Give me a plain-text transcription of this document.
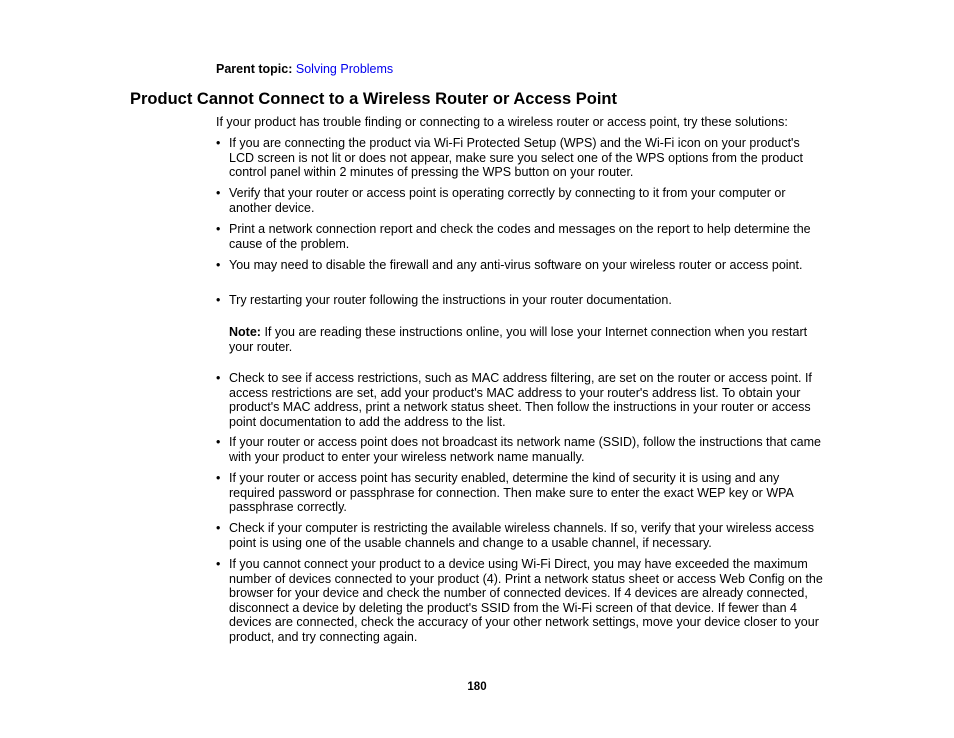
Parent topic: Solving Problems
Product Cannot Connect to a Wireless Router or Access Point

If your product has trouble finding or connecting to a wireless router or access point, try these solutions:

• If you are connecting the product via Wi-Fi Protected Setup (WPS) and the Wi-Fi icon on your product's LCD screen is not lit or does not appear, make sure you select one of the WPS options from the product control panel within 2 minutes of pressing the WPS button on your router.
• Verify that your router or access point is operating correctly by connecting to it from your computer or another device.
• Print a network connection report and check the codes and messages on the report to help determine the cause of the problem.
• You may need to disable the firewall and any anti-virus software on your wireless router or access point.
• Try restarting your router following the instructions in your router documentation.
Note: If you are reading these instructions online, you will lose your Internet connection when you restart your router.
• Check to see if access restrictions, such as MAC address filtering, are set on the router or access point. If access restrictions are set, add your product's MAC address to your router's address list. To obtain your product's MAC address, print a network status sheet. Then follow the instructions in your router or access point documentation to add the address to the list.
• If your router or access point does not broadcast its network name (SSID), follow the instructions that came with your product to enter your wireless network name manually.
• If your router or access point has security enabled, determine the kind of security it is using and any required password or passphrase for connection. Then make sure to enter the exact WEP key or WPA passphrase correctly.
• Check if your computer is restricting the available wireless channels. If so, verify that your wireless access point is using one of the usable channels and change to a usable channel, if necessary.
• If you cannot connect your product to a device using Wi-Fi Direct, you may have exceeded the maximum number of devices connected to your product (4). Print a network status sheet or access Web Config on the browser for your device and check the number of connected devices. If 4 devices are already connected, disconnect a device by deleting the product's SSID from the Wi-Fi screen of that device. If fewer than 4 devices are connected, check the accuracy of your other network settings, move your device closer to your product, and try connecting again.
180
